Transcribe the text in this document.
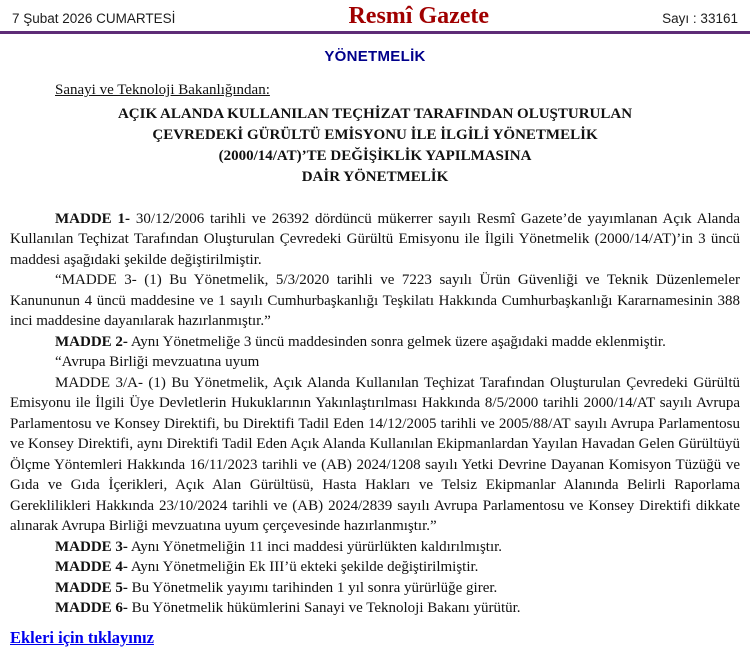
7 Şubat 2026 CUMARTESİ	Resmî Gazete	Sayı : 33161
YÖNETMELİK
Sanayi ve Teknoloji Bakanlığından:
AÇIK ALANDA KULLANILAN TEÇHİZAT TARAFINDAN OLUŞTURULAN
ÇEVREDEKİ GÜRÜLTÜ EMİSYONU İLE İLGİLİ YÖNETMELİK
(2000/14/AT)’TE DEĞİŞİKLİK YAPILMASINA
DAİR YÖNETMELİK

MADDE 1- 30/12/2006 tarihli ve 26392 dördüncü mükerrer sayılı Resmî Gazete’de yayımlanan Açık Alanda Kullanılan Teçhizat Tarafından Oluşturulan Çevredeki Gürültü Emisyonu ile İlgili Yönetmelik (2000/14/AT)’in 3 üncü maddesi aşağıdaki şekilde değiştirilmiştir.

“MADDE 3- (1) Bu Yönetmelik, 5/3/2020 tarihli ve 7223 sayılı Ürün Güvenliği ve Teknik Düzenlemeler Kanununun 4 üncü maddesine ve 1 sayılı Cumhurbaşkanlığı Teşkilatı Hakkında Cumhurbaşkanlığı Kararnamesinin 388 inci maddesine dayanılarak hazırlanmıştır.”

MADDE 2- Aynı Yönetmeliğe 3 üncü maddesinden sonra gelmek üzere aşağıdaki madde eklenmiştir.

“Avrupa Birliği mevzuatına uyum

MADDE 3/A- (1) Bu Yönetmelik, Açık Alanda Kullanılan Teçhizat Tarafından Oluşturulan Çevredeki Gürültü Emisyonu ile İlgili Üye Devletlerin Hukuklarının Yakınlaştırılması Hakkında 8/5/2000 tarihli 2000/14/AT sayılı Avrupa Parlamentosu ve Konsey Direktifi, bu Direktifi Tadil Eden 14/12/2005 tarihli ve 2005/88/AT sayılı Avrupa Parlamentosu ve Konsey Direktifi, aynı Direktifi Tadil Eden Açık Alanda Kullanılan Ekipmanlardan Yayılan Havadan Gelen Gürültüyü Ölçme Yöntemleri Hakkında 16/11/2023 tarihli ve (AB) 2024/1208 sayılı Yetki Devrine Dayanan Komisyon Tüzüğü ve Gıda ve Gıda İçerikleri, Açık Alan Gürültüsü, Hasta Hakları ve Telsiz Ekipmanlar Alanında Belirli Raporlama Gereklilikleri Hakkında 23/10/2024 tarihli ve (AB) 2024/2839 sayılı Avrupa Parlamentosu ve Konsey Direktifi dikkate alınarak Avrupa Birliği mevzuatına uyum çerçevesinde hazırlanmıştır.”

MADDE 3- Aynı Yönetmeliğin 11 inci maddesi yürürlükten kaldırılmıştır.

MADDE 4- Aynı Yönetmeliğin Ek III’ü ekteki şekilde değiştirilmiştir.

MADDE 5- Bu Yönetmelik yayımı tarihinden 1 yıl sonra yürürlüğe girer.

MADDE 6- Bu Yönetmelik hükümlerini Sanayi ve Teknoloji Bakanı yürütür.

Ekleri için tıklayınız
